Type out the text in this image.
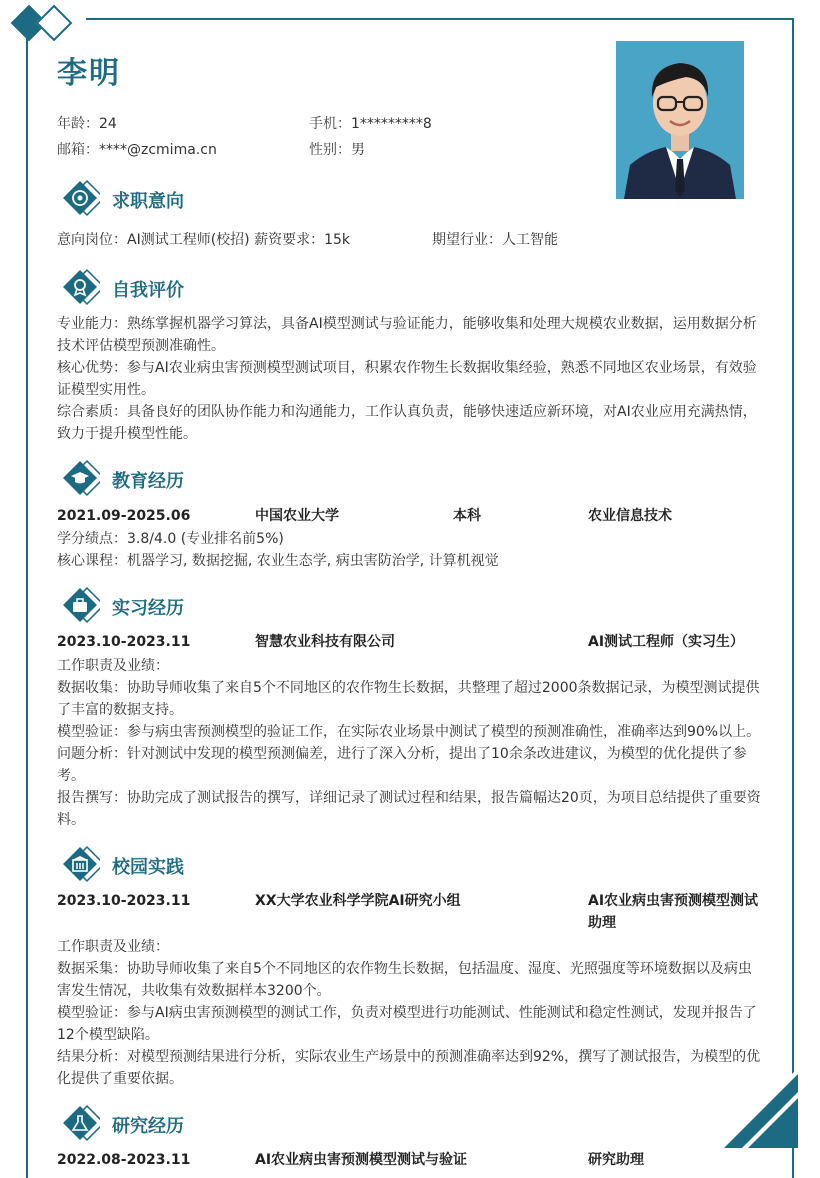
李明
年龄：24	手机：1*********8
邮箱：****@zcmima.cn	性别：男
求职意向
意向岗位：AI测试工程师(校招) 薪资要求：15k	期望行业：人工智能
自我评价
专业能力：熟练掌握机器学习算法，具备AI模型测试与验证能力，能够收集和处理大规模农业数据，运用数据分析
技术评估模型预测准确性。
核心优势：参与AI农业病虫害预测模型测试项目，积累农作物生长数据收集经验，熟悉不同地区农业场景，有效验
证模型实用性。
综合素质：具备良好的团队协作能力和沟通能力，工作认真负责，能够快速适应新环境，对AI农业应用充满热情，
致力于提升模型性能。
教育经历
2021.09-2025.06	中国农业大学	本科	农业信息技术
学分绩点：3.8/4.0 (专业排名前5%)
核心课程：机器学习, 数据挖掘, 农业生态学, 病虫害防治学, 计算机视觉
实习经历
2023.10-2023.11	智慧农业科技有限公司	AI测试工程师（实习生）
工作职责及业绩：
数据收集：协助导师收集了来自5个不同地区的农作物生长数据，共整理了超过2000条数据记录，为模型测试提供
了丰富的数据支持。
模型验证：参与病虫害预测模型的验证工作，在实际农业场景中测试了模型的预测准确性，准确率达到90%以上。
问题分析：针对测试中发现的模型预测偏差，进行了深入分析，提出了10余条改进建议，为模型的优化提供了参
考。
报告撰写：协助完成了测试报告的撰写，详细记录了测试过程和结果，报告篇幅达20页，为项目总结提供了重要资
料。
校园实践
2023.10-2023.11	XX大学农业科学学院AI研究小组	AI农业病虫害预测模型测试
助理
工作职责及业绩：
数据采集：协助导师收集了来自5个不同地区的农作物生长数据，包括温度、湿度、光照强度等环境数据以及病虫
害发生情况，共收集有效数据样本3200个。
模型验证：参与AI病虫害预测模型的测试工作，负责对模型进行功能测试、性能测试和稳定性测试，发现并报告了
12个模型缺陷。
结果分析：对模型预测结果进行分析，实际农业生产场景中的预测准确率达到92%，撰写了测试报告，为模型的优
化提供了重要依据。
研究经历
2022.08-2023.11	AI农业病虫害预测模型测试与验证	研究助理
